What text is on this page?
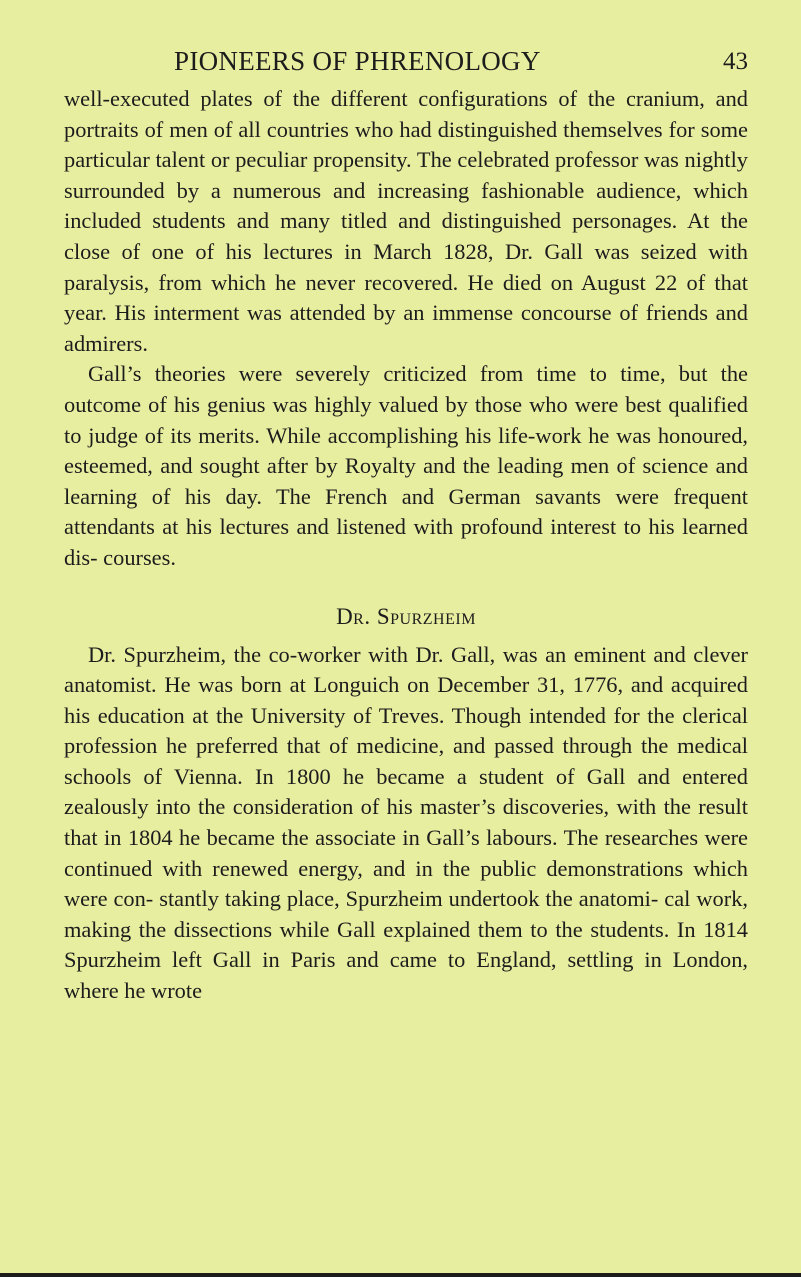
PIONEERS OF PHRENOLOGY	43

well-executed plates of the different configurations of the cranium, and portraits of men of all countries who had distinguished themselves for some particular talent or peculiar propensity. The celebrated professor was nightly surrounded by a numerous and increasing fashionable audience, which included students and many titled and distinguished personages. At the close of one of his lectures in March 1828, Dr. Gall was seized with paralysis, from which he never recovered. He died on August 22 of that year. His interment was attended by an immense concourse of friends and admirers.

Gall’s theories were severely criticized from time to time, but the outcome of his genius was highly valued by those who were best qualified to judge of its merits. While accomplishing his life-work he was honoured, esteemed, and sought after by Royalty and the leading men of science and learning of his day. The French and German savants were frequent attendants at his lectures and listened with profound interest to his learned dis- courses.

Dr. Spurzheim

Dr. Spurzheim, the co-worker with Dr. Gall, was an eminent and clever anatomist. He was born at Longuich on December 31, 1776, and acquired his education at the University of Treves. Though intended for the clerical profession he preferred that of medicine, and passed through the medical schools of Vienna. In 1800 he became a student of Gall and entered zealously into the consideration of his master’s discoveries, with the result that in 1804 he became the associate in Gall’s labours. The researches were continued with renewed energy, and in the public demonstrations which were con- stantly taking place, Spurzheim undertook the anatomi- cal work, making the dissections while Gall explained them to the students. In 1814 Spurzheim left Gall in Paris and came to England, settling in London, where he wrote
